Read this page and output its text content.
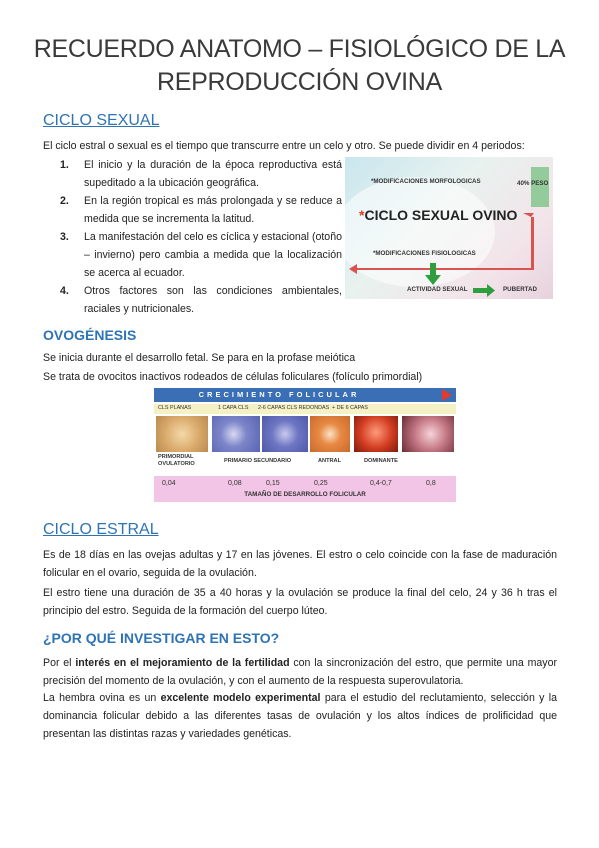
RECUERDO ANATOMO – FISIOLÓGICO DE LA
REPRODUCCIÓN OVINA
CICLO SEXUAL
El ciclo estral o sexual es el tiempo que transcurre entre un celo y otro. Se puede dividir en 4 periodos:
1. El inicio y la duración de la época reproductiva está supeditado a la ubicación geográfica.
2. En la región tropical es más prolongada y se reduce a medida que se incrementa la latitud.
3. La manifestación del celo es cíclica y estacional (otoño – invierno) pero cambia a medida que la localización se acerca al ecuador.
4. Otros factores son las condiciones ambientales, raciales y nutricionales.
*MODIFICACIONES MORFOLOGICAS	40% PESO
*CICLO SEXUAL OVINO
*MODIFICACIONES FISIOLOGICAS
ACTIVIDAD SEXUAL	PUBERTAD
OVOGÉNESIS
Se inicia durante el desarrollo fetal. Se para en la profase meiótica
Se trata de ovocitos inactivos rodeados de células foliculares (folículo primordial)
CRECIMIENTO FOLICULAR
CLS PLANAS	1 CAPA CLS 2-6 CAPAS CLS REDONDAS + DE 6 CAPAS
PRIMORDIAL OVULATORIO	PRIMARIO SECUNDARIO	ANTRAL	DOMINANTE
0,04	0,08	0,15	0,25	0,4-0,7	0,8
TAMAÑO DE DESARROLLO FOLICULAR
CICLO ESTRAL
Es de 18 días en las ovejas adultas y 17 en las jóvenes. El estro o celo coincide con la fase de maduración folicular en el ovario, seguida de la ovulación.
El estro tiene una duración de 35 a 40 horas y la ovulación se produce la final del celo, 24 y 36 h tras el principio del estro. Seguida de la formación del cuerpo lúteo.
¿POR QUÉ INVESTIGAR EN ESTO?
Por el interés en el mejoramiento de la fertilidad con la sincronización del estro, que permite una mayor precisión del momento de la ovulación, y con el aumento de la respuesta superovulatoria.
La hembra ovina es un excelente modelo experimental para el estudio del reclutamiento, selección y la dominancia folicular debido a las diferentes tasas de ovulación y los altos índices de prolificidad que presentan las distintas razas y variedades genéticas.
